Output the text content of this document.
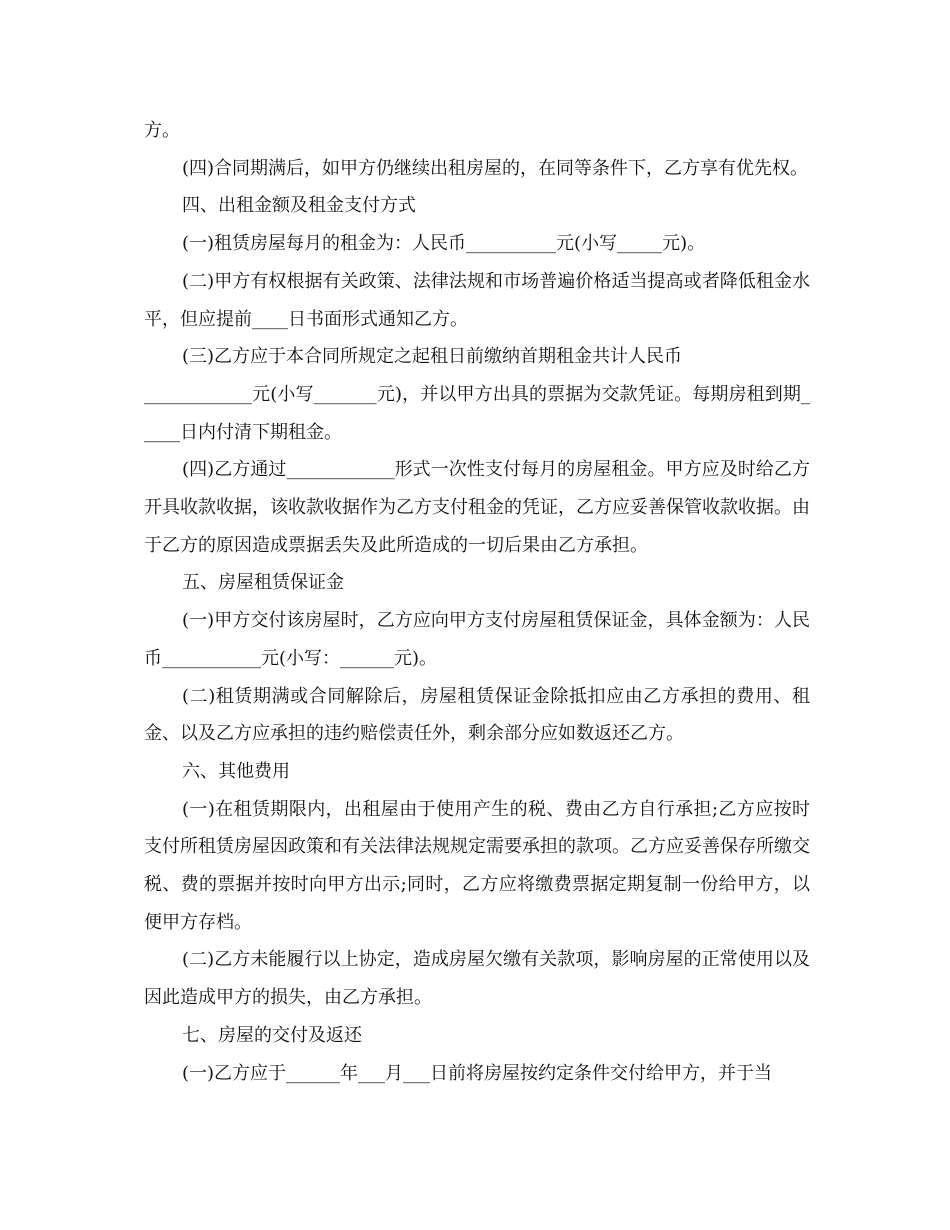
方。

(四)合同期满后，如甲方仍继续出租房屋的，在同等条件下，乙方享有优先权。

四、出租金额及租金支付方式

(一)租赁房屋每月的租金为：人民币__________元(小写_____元)。

(二)甲方有权根据有关政策、法律法规和市场普遍价格适当提高或者降低租金水平，但应提前____日书面形式通知乙方。

(三)乙方应于本合同所规定之起租日前缴纳首期租金共计人民币
____________元(小写_______元)，并以甲方出具的票据为交款凭证。每期房租到期_____日内付清下期租金。

(四)乙方通过____________形式一次性支付每月的房屋租金。甲方应及时给乙方开具收款收据，该收款收据作为乙方支付租金的凭证，乙方应妥善保管收款收据。由于乙方的原因造成票据丢失及此所造成的一切后果由乙方承担。

五、房屋租赁保证金

(一)甲方交付该房屋时，乙方应向甲方支付房屋租赁保证金，具体金额为：人民币___________元(小写：______元)。

(二)租赁期满或合同解除后，房屋租赁保证金除抵扣应由乙方承担的费用、租金、以及乙方应承担的违约赔偿责任外，剩余部分应如数返还乙方。

六、其他费用

(一)在租赁期限内，出租屋由于使用产生的税、费由乙方自行承担;乙方应按时支付所租赁房屋因政策和有关法律法规规定需要承担的款项。乙方应妥善保存所缴交税、费的票据并按时向甲方出示;同时，乙方应将缴费票据定期复制一份给甲方，以便甲方存档。

(二)乙方未能履行以上协定，造成房屋欠缴有关款项，影响房屋的正常使用以及因此造成甲方的损失，由乙方承担。

七、房屋的交付及返还

(一)乙方应于______年___月___日前将房屋按约定条件交付给甲方，并于当
